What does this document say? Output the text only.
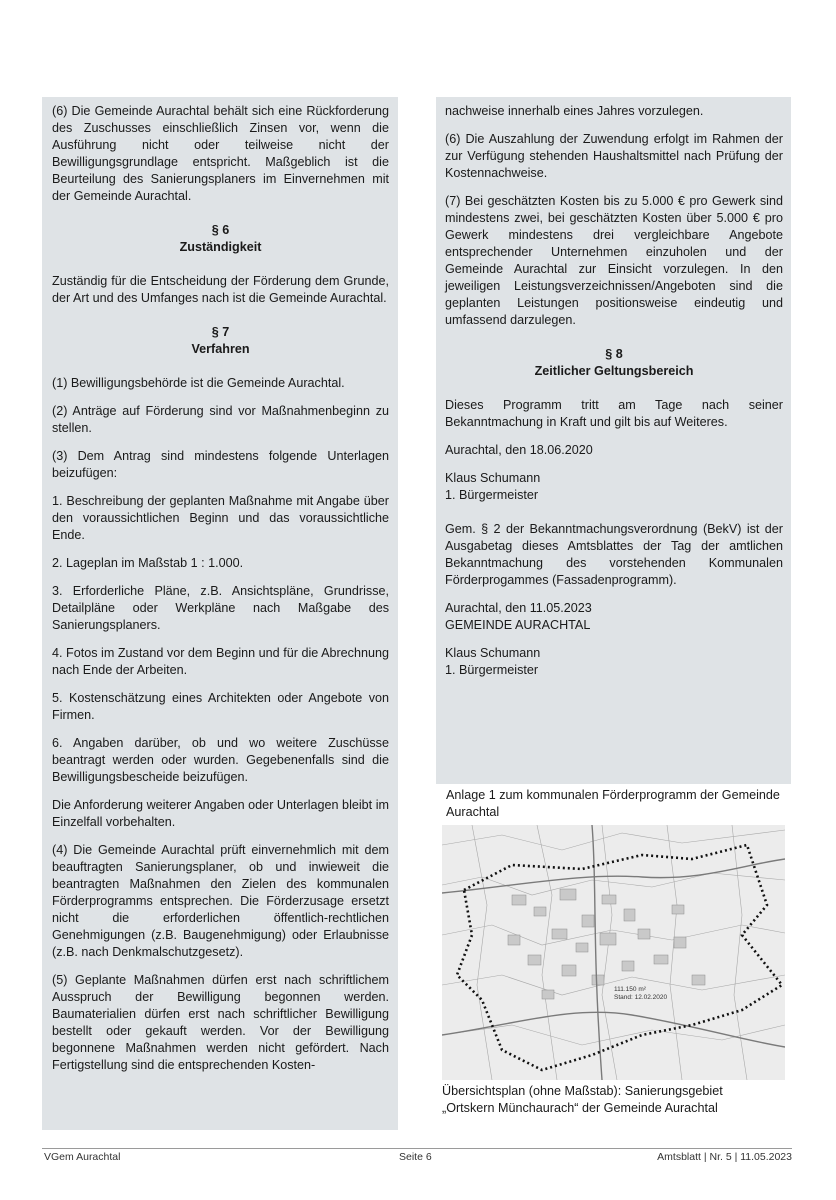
(6) Die Gemeinde Aurachtal behält sich eine Rückforderung des Zuschusses einschließlich Zinsen vor, wenn die Ausführung nicht oder teilweise nicht der Bewilligungsgrundlage entspricht. Maßgeblich ist die Beurteilung des Sanierungsplaners im Einvernehmen mit der Gemeinde Aurachtal.

§ 6
Zuständigkeit

Zuständig für die Entscheidung der Förderung dem Grunde, der Art und des Umfanges nach ist die Gemeinde Aurachtal.

§ 7
Verfahren

(1) Bewilligungsbehörde ist die Gemeinde Aurachtal.

(2) Anträge auf Förderung sind vor Maßnahmenbeginn zu stellen.

(3) Dem Antrag sind mindestens folgende Unterlagen beizufügen:

1. Beschreibung der geplanten Maßnahme mit Angabe über den voraussichtlichen Beginn und das voraussichtliche Ende.

2. Lageplan im Maßstab 1 : 1.000.

3. Erforderliche Pläne, z.B. Ansichtspläne, Grundrisse, Detailpläne oder Werkpläne nach Maßgabe des Sanierungsplaners.

4. Fotos im Zustand vor dem Beginn und für die Abrechnung nach Ende der Arbeiten.

5. Kostenschätzung eines Architekten oder Angebote von Firmen.

6. Angaben darüber, ob und wo weitere Zuschüsse beantragt werden oder wurden. Gegebenenfalls sind die Bewilligungsbescheide beizufügen.

Die Anforderung weiterer Angaben oder Unterlagen bleibt im Einzelfall vorbehalten.

(4) Die Gemeinde Aurachtal prüft einvernehmlich mit dem beauftragten Sanierungsplaner, ob und inwieweit die beantragten Maßnahmen den Zielen des kommunalen Förderprogramms entsprechen. Die Förderzusage ersetzt nicht die erforderlichen öffentlich-rechtlichen Genehmigungen (z.B. Baugenehmigung) oder Erlaubnisse (z.B. nach Denkmalschutzgesetz).

(5) Geplante Maßnahmen dürfen erst nach schriftlichem Ausspruch der Bewilligung begonnen werden. Baumaterialien dürfen erst nach schriftlicher Bewilligung bestellt oder gekauft werden. Vor der Bewilligung begonnene Maßnahmen werden nicht gefördert. Nach Fertigstellung sind die entsprechenden Kosten-

nachweise innerhalb eines Jahres vorzulegen.

(6) Die Auszahlung der Zuwendung erfolgt im Rahmen der zur Verfügung stehenden Haushaltsmittel nach Prüfung der Kostennachweise.

(7) Bei geschätzten Kosten bis zu 5.000 € pro Gewerk sind mindestens zwei, bei geschätzten Kosten über 5.000 € pro Gewerk mindestens drei vergleichbare Angebote entsprechender Unternehmen einzuholen und der Gemeinde Aurachtal zur Einsicht vorzulegen. In den jeweiligen Leistungsverzeichnissen/Angeboten sind die geplanten Leistungen positionsweise eindeutig und umfassend darzulegen.

§ 8
Zeitlicher Geltungsbereich

Dieses Programm tritt am Tage nach seiner Bekanntmachung in Kraft und gilt bis auf Weiteres.

Aurachtal, den 18.06.2020

Klaus Schumann
1. Bürgermeister

Gem. § 2 der Bekanntmachungsverordnung (BekV) ist der Ausgabetag dieses Amtsblattes der Tag der amtlichen Bekanntmachung des vorstehenden Kommunalen Förderprogammes (Fassadenprogramm).

Aurachtal, den 11.05.2023
GEMEINDE AURACHTAL

Klaus Schumann
1. Bürgermeister

Anlage 1 zum kommunalen Förderprogramm der Gemeinde Aurachtal

111.150 m²
Stand: 12.02.2020
Übersichtsplan (ohne Maßstab): Sanierungsgebiet
„Ortskern Münchaurach“ der Gemeinde Aurachtal
VGem Aurachtal	Seite 6	Amtsblatt | Nr. 5 | 11.05.2023
